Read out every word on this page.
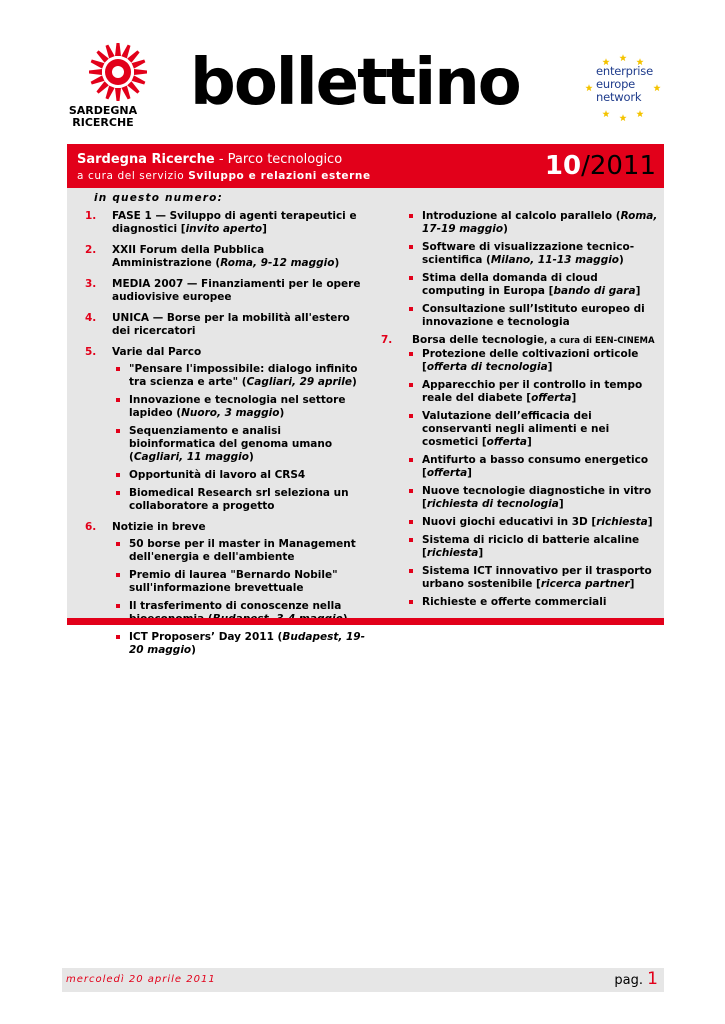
SARDEGNA
RICERCHE
bollettino	enterprise
europe
network
Sardegna Ricerche - Parco tecnologico
a cura del servizio Sviluppo e relazioni esterne	10/2011
in questo numero:
1. FASE 1 — Sviluppo di agenti terapeutici e diagnostici [invito aperto]
2. XXII Forum della Pubblica Amministrazione (Roma, 9-12 maggio)
3. MEDIA 2007 — Finanziamenti per le opere audiovisive europee
4. UNICA — Borse per la mobilità all'estero dei ricercatori
5. Varie dal Parco
"Pensare l'impossibile: dialogo infinito tra scienza e arte" (Cagliari, 29 aprile)
Innovazione e tecnologia nel settore lapideo (Nuoro, 3 maggio)
Sequenziamento e analisi bioinformatica del genoma umano (Cagliari, 11 maggio)
Opportunità di lavoro al CRS4
Biomedical Research srl seleziona un collaboratore a progetto
6. Notizie in breve
50 borse per il master in Management dell'energia e dell'ambiente
Premio di laurea "Bernardo Nobile" sull'informazione brevettuale
Il trasferimento di conoscenze nella
ICT Proposers’ Day 2011 (Budapest, 19-20 maggio)
Introduzione al calcolo parallelo (Roma, 17-19 maggio)
Software di visualizzazione tecnico-scientifica (Milano, 11-13 maggio)
Stima della domanda di cloud computing in Europa [bando di gara]
Consultazione sull’Istituto europeo di innovazione e tecnologia
7. Borsa delle tecnologie, a cura di EEN-CINEMA
Protezione delle coltivazioni orticole [offerta di tecnologia]
Apparecchio per il controllo in tempo reale del diabete [offerta]
Valutazione dell’efficacia dei conservanti negli alimenti e nei cosmetici [offerta]
Antifurto a basso consumo energetico [offerta]
Nuove tecnologie diagnostiche in vitro [richiesta di tecnologia]
Nuovi giochi educativi in 3D [richiesta]
Sistema di riciclo di batterie alcaline [richiesta]
Sistema ICT innovativo per il trasporto urbano sostenibile [ricerca partner]
Richieste e offerte commerciali
mercoledì 20 aprile 2011	pag. 1
